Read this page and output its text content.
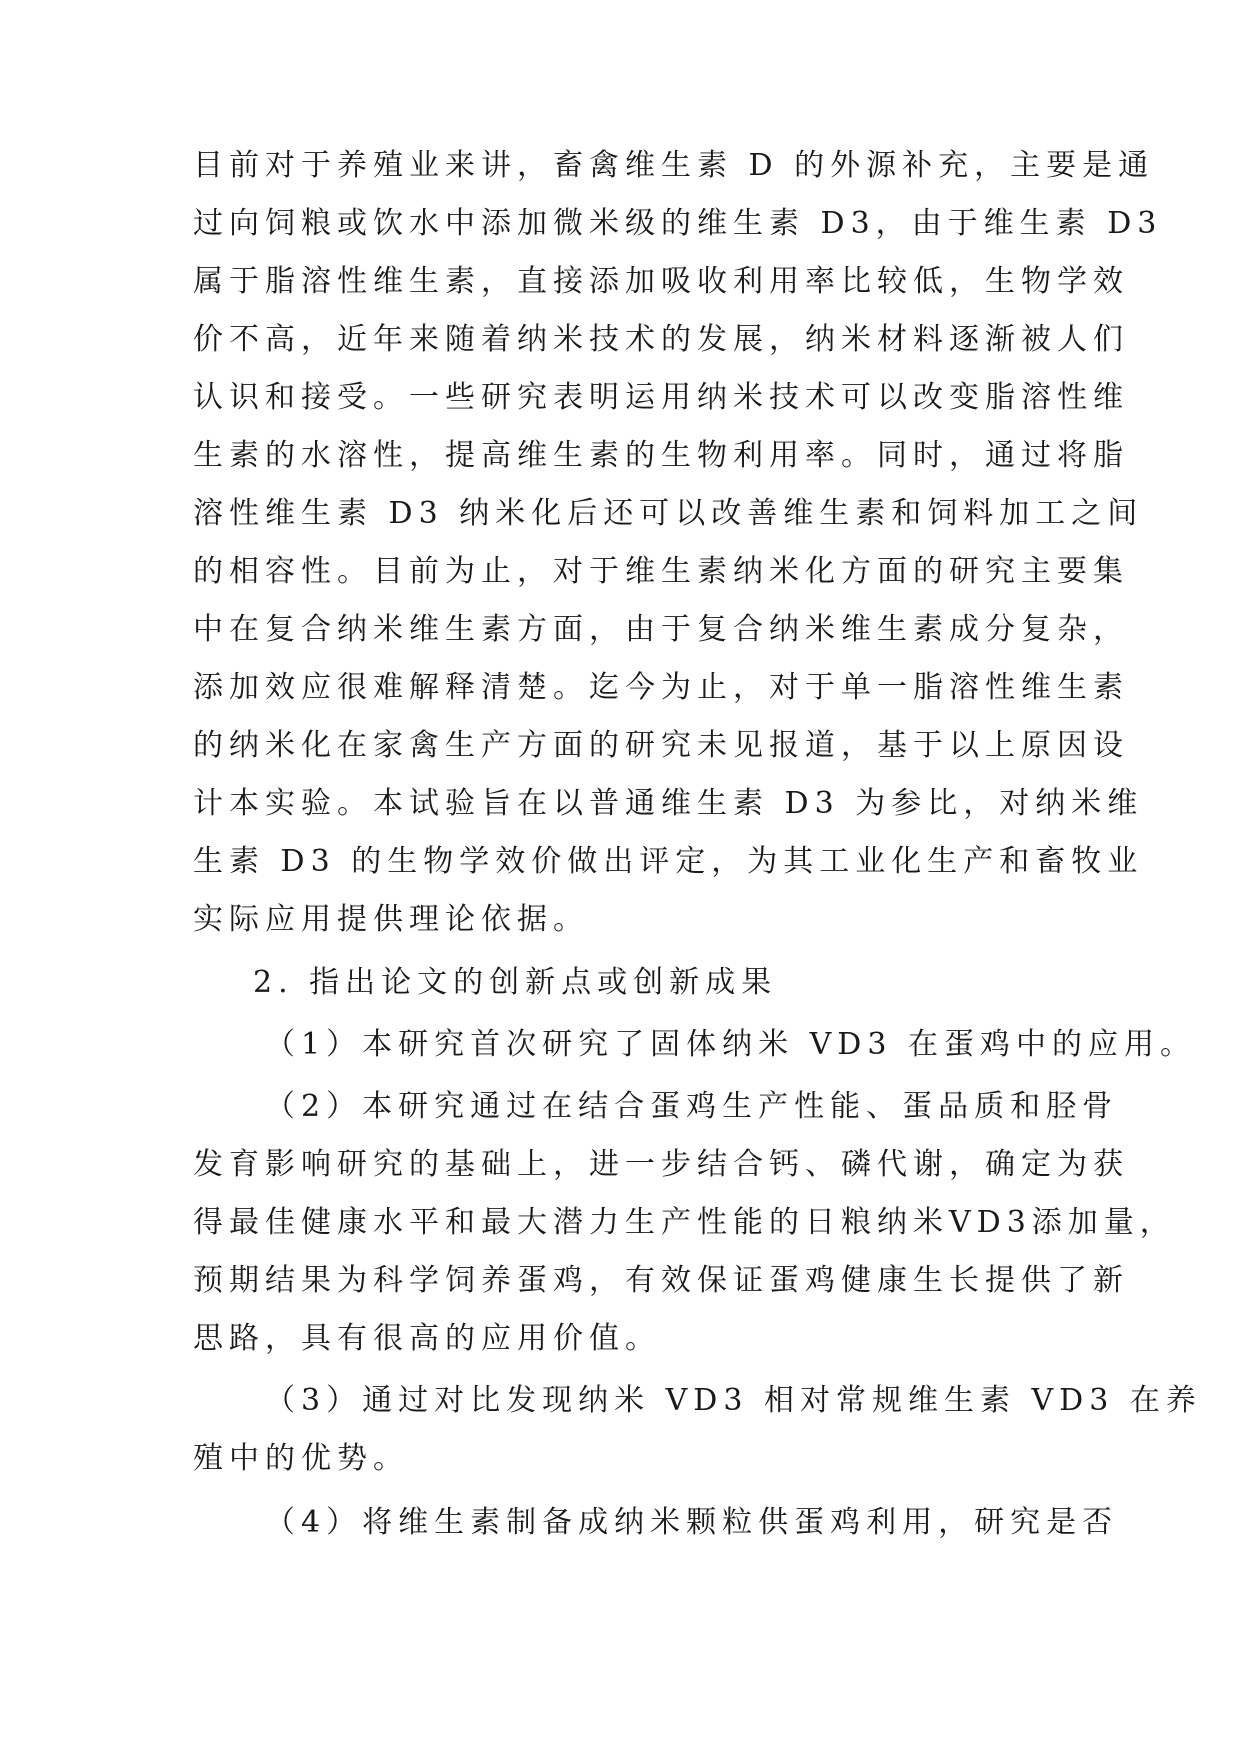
目前对于养殖业来讲，畜禽维生素 D 的外源补充，主要是通
过向饲粮或饮水中添加微米级的维生素 D3，由于维生素 D3
属于脂溶性维生素，直接添加吸收利用率比较低，生物学效
价不高，近年来随着纳米技术的发展，纳米材料逐渐被人们
认识和接受。一些研究表明运用纳米技术可以改变脂溶性维
生素的水溶性，提高维生素的生物利用率。同时，通过将脂
溶性维生素 D3 纳米化后还可以改善维生素和饲料加工之间
的相容性。目前为止，对于维生素纳米化方面的研究主要集
中在复合纳米维生素方面，由于复合纳米维生素成分复杂，
添加效应很难解释清楚。迄今为止，对于单一脂溶性维生素
的纳米化在家禽生产方面的研究未见报道，基于以上原因设
计本实验。本试验旨在以普通维生素 D3 为参比，对纳米维
生素 D3 的生物学效价做出评定，为其工业化生产和畜牧业
实际应用提供理论依据。
2. 指出论文的创新点或创新成果
（1）本研究首次研究了固体纳米 VD3 在蛋鸡中的应用。
（2）本研究通过在结合蛋鸡生产性能、蛋品质和胫骨
发育影响研究的基础上，进一步结合钙、磷代谢，确定为获
得最佳健康水平和最大潜力生产性能的日粮纳米VD3添加量，
预期结果为科学饲养蛋鸡，有效保证蛋鸡健康生长提供了新
思路，具有很高的应用价值。
（3）通过对比发现纳米 VD3 相对常规维生素 VD3 在养
殖中的优势。
（4）将维生素制备成纳米颗粒供蛋鸡利用，研究是否
